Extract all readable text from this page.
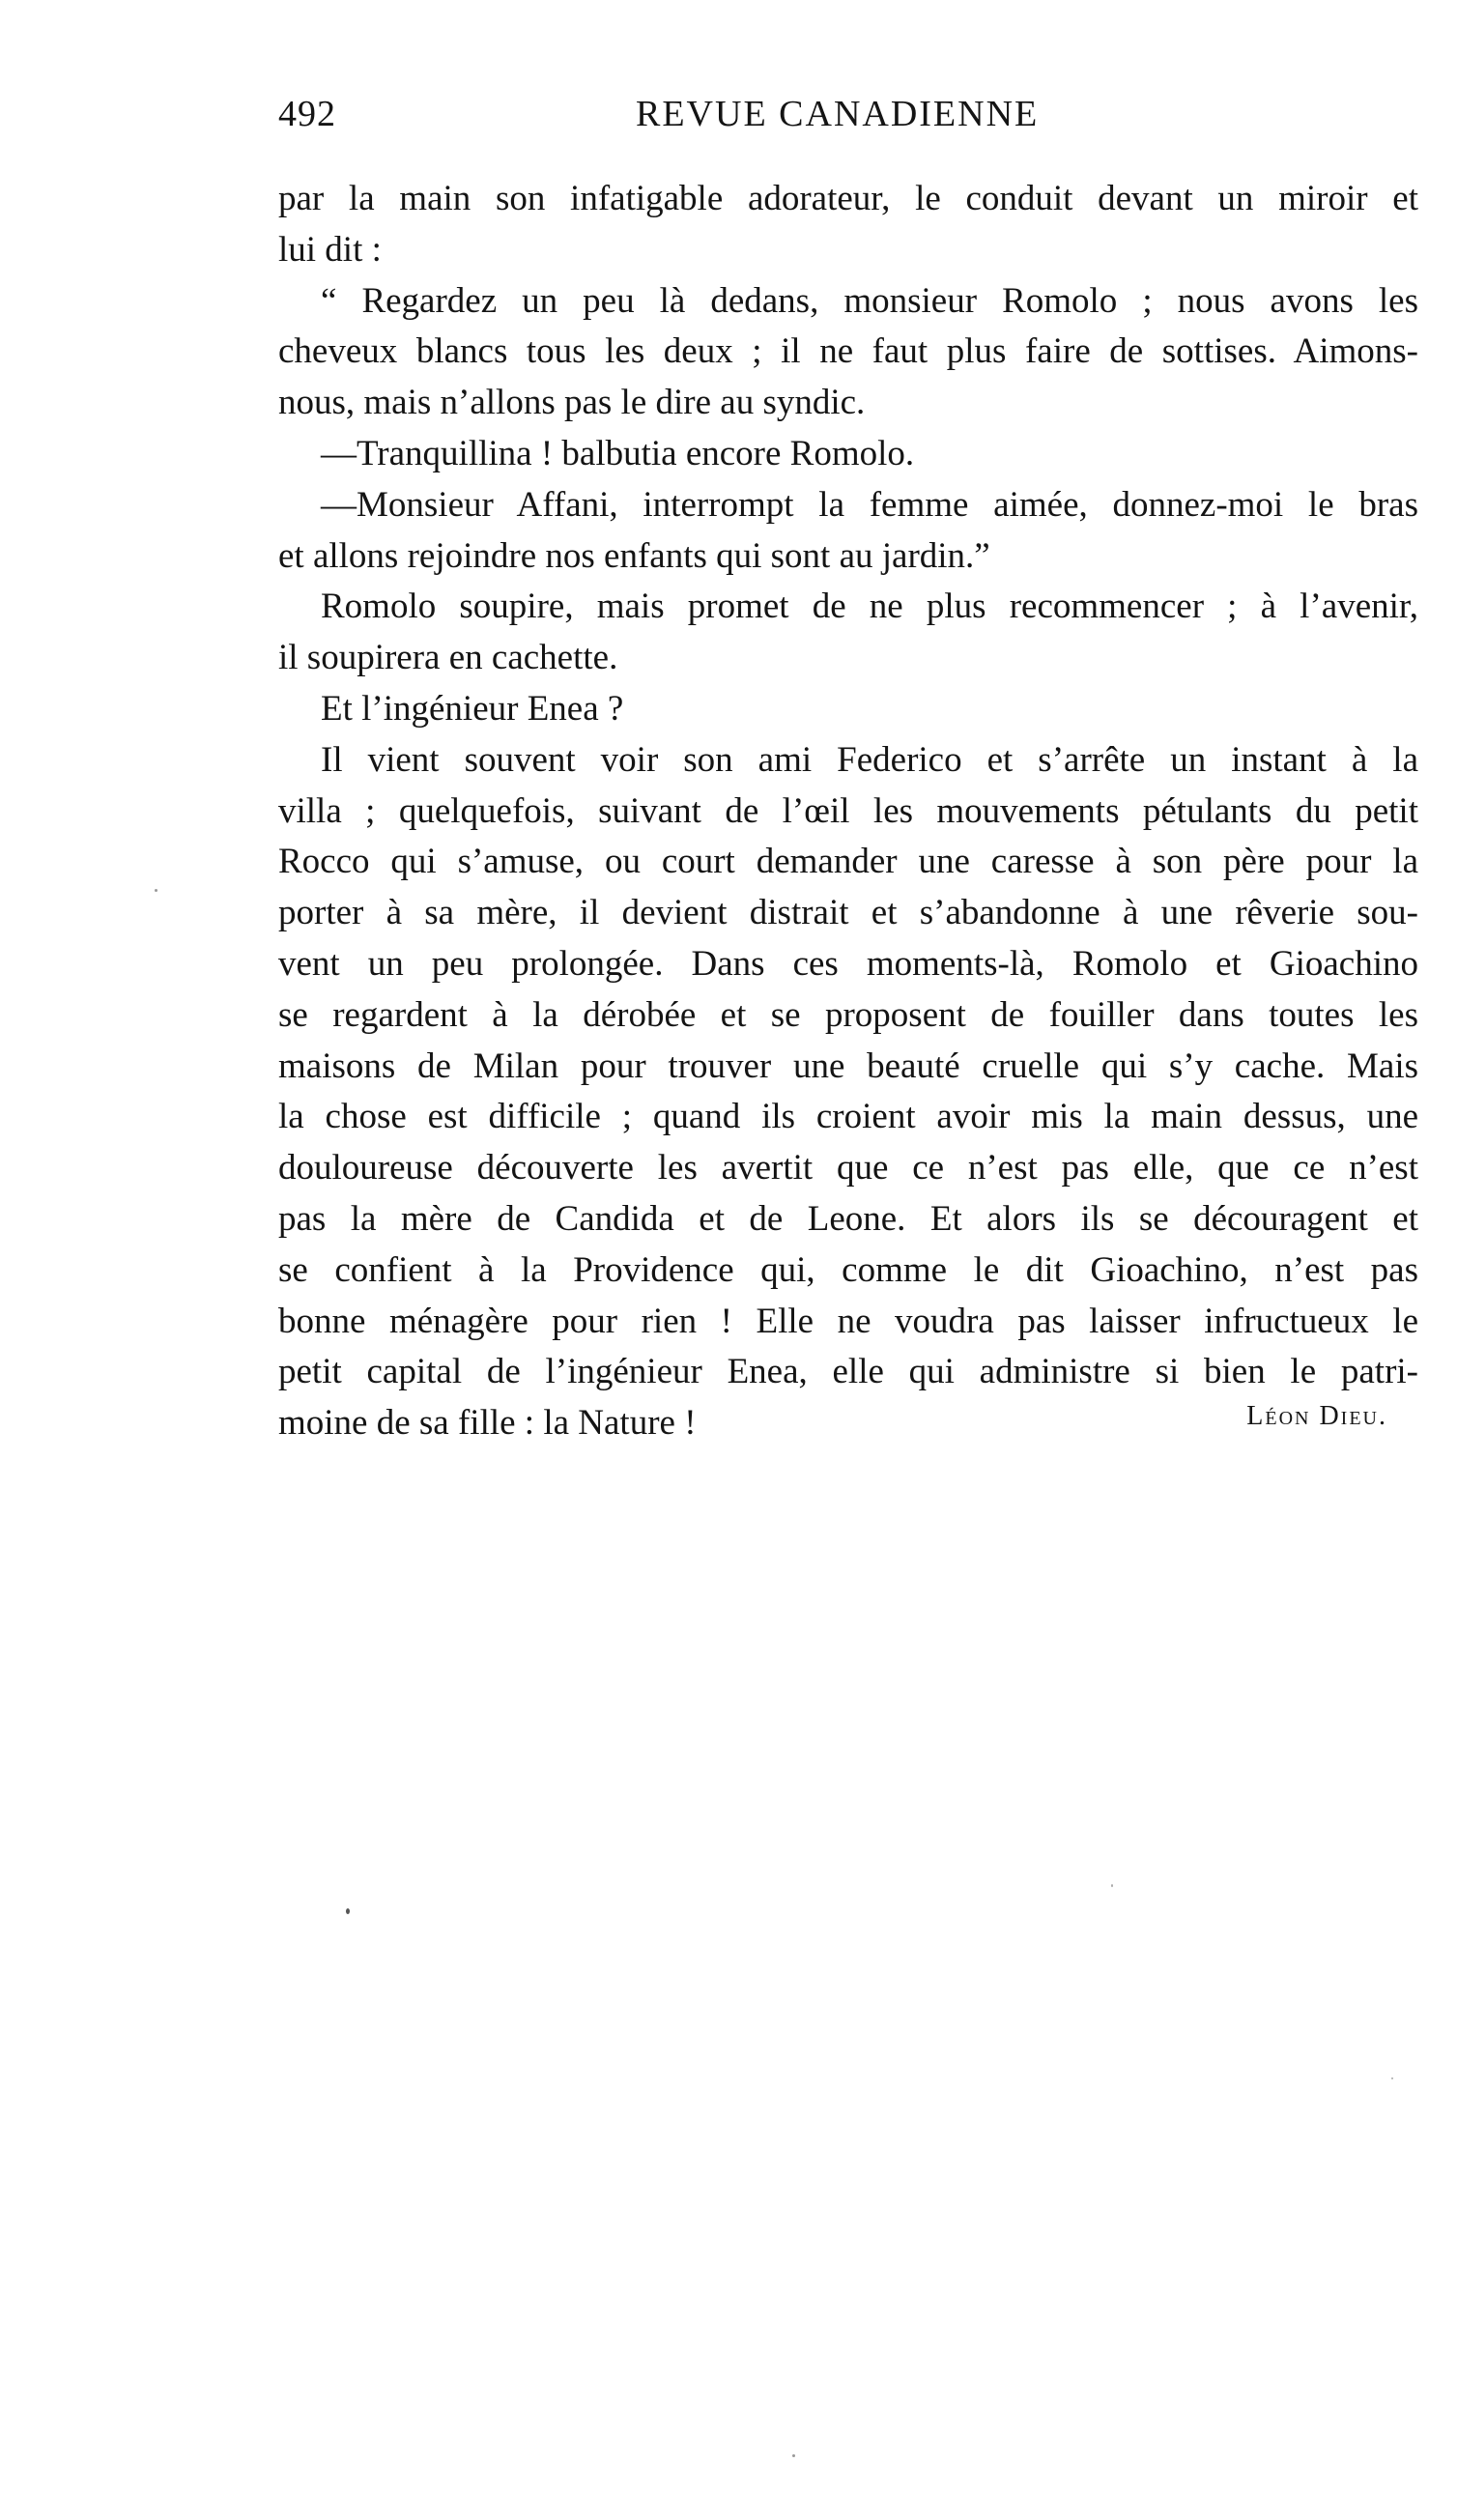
492	REVUE CANADIENNE
par la main son infatigable adorateur, le conduit devant un miroir et
lui dit :
“ Regardez un peu là dedans, monsieur Romolo ; nous avons les
cheveux blancs tous les deux ; il ne faut plus faire de sottises. Aimons-
nous, mais n’allons pas le dire au syndic.
—Tranquillina ! balbutia encore Romolo.
—Monsieur Affani, interrompt la femme aimée, donnez-moi le bras
et allons rejoindre nos enfants qui sont au jardin.”
Romolo soupire, mais promet de ne plus recommencer ; à l’avenir,
il soupirera en cachette.
Et l’ingénieur Enea ?
Il vient souvent voir son ami Federico et s’arrête un instant à la
villa ; quelquefois, suivant de l’œil les mouvements pétulants du petit
Rocco qui s’amuse, ou court demander une caresse à son père pour la
porter à sa mère, il devient distrait et s’abandonne à une rêverie sou-
vent un peu prolongée. Dans ces moments-là, Romolo et Gioachino
se regardent à la dérobée et se proposent de fouiller dans toutes les
maisons de Milan pour trouver une beauté cruelle qui s’y cache. Mais
la chose est difficile ; quand ils croient avoir mis la main dessus, une
douloureuse découverte les avertit que ce n’est pas elle, que ce n’est
pas la mère de Candida et de Leone. Et alors ils se découragent et
se confient à la Providence qui, comme le dit Gioachino, n’est pas
bonne ménagère pour rien ! Elle ne voudra pas laisser infructueux le
petit capital de l’ingénieur Enea, elle qui administre si bien le patri-
moine de sa fille : la Nature !	Léon Dieu.
